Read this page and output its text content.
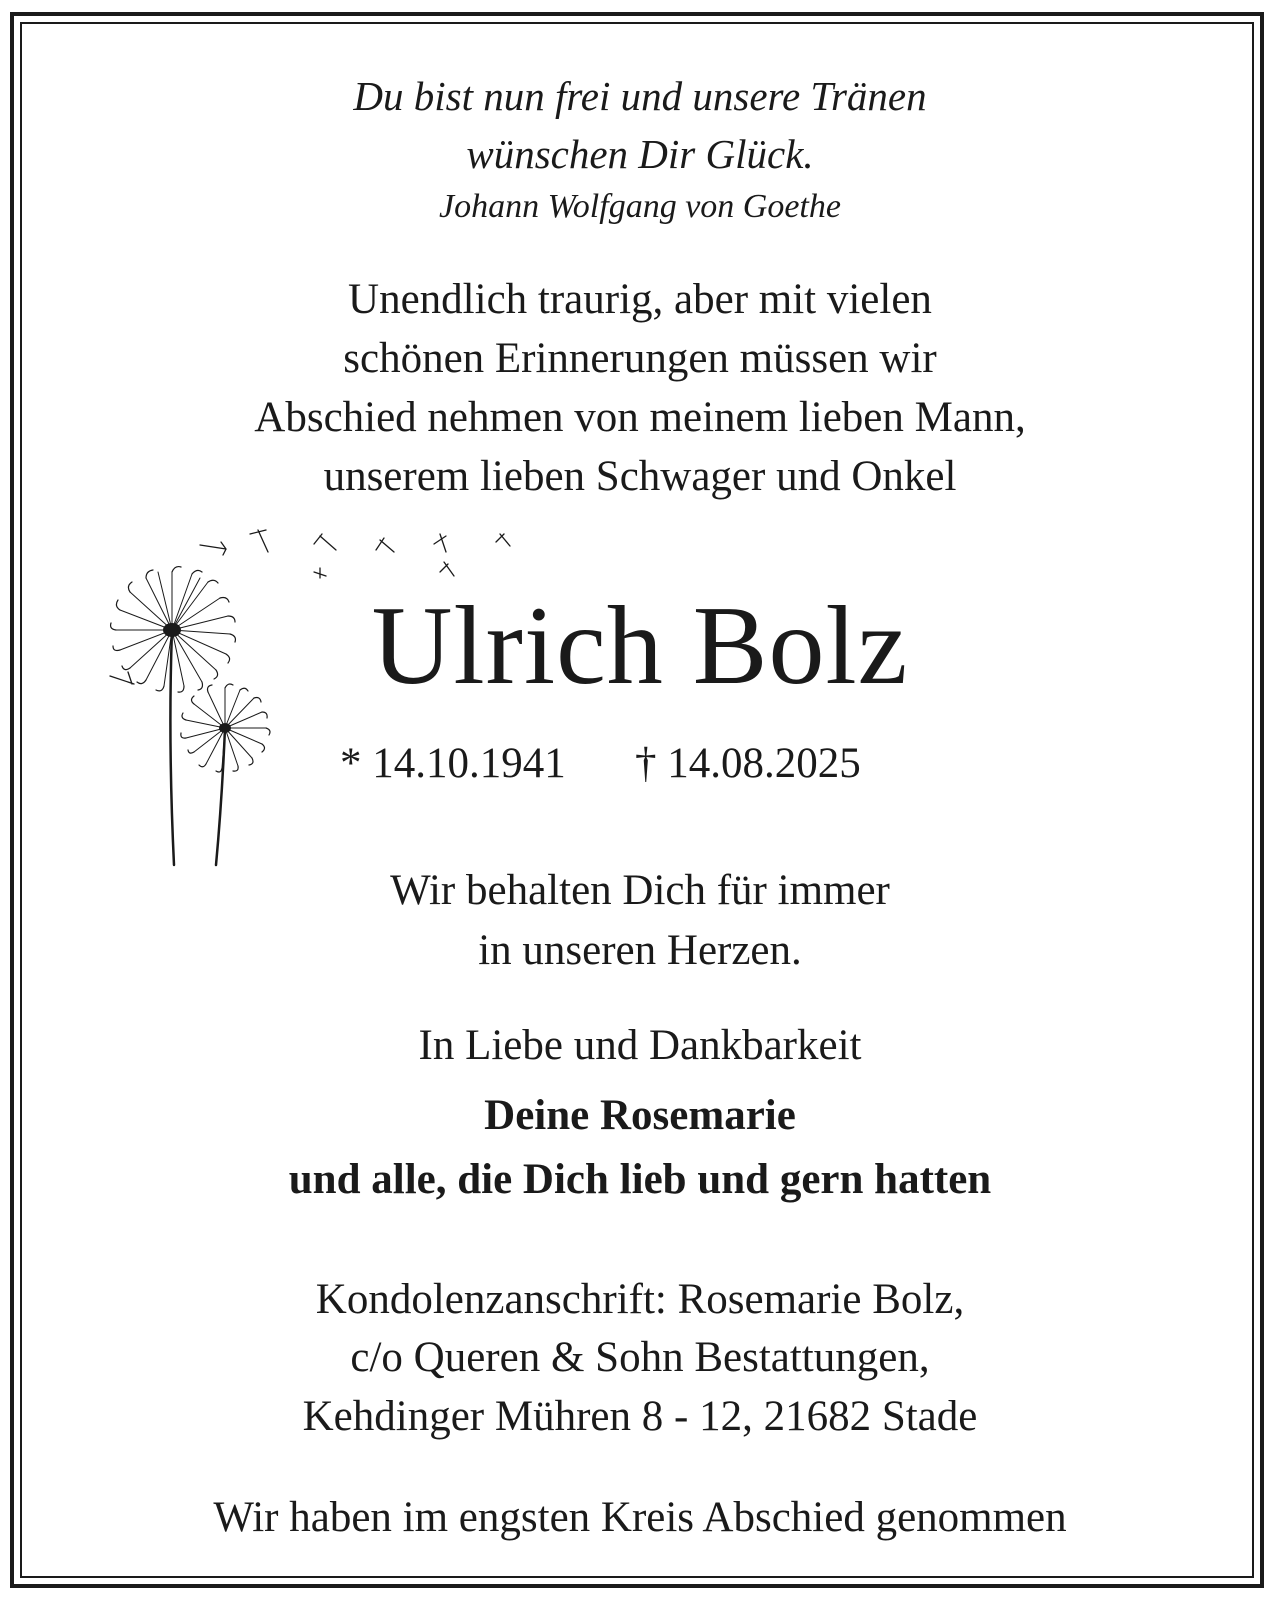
Du bist nun frei und unsere Tränen
wünschen Dir Glück.
Johann Wolfgang von Goethe
Unendlich traurig, aber mit vielen
schönen Erinnerungen müssen wir
Abschied nehmen von meinem lieben Mann,
unserem lieben Schwager und Onkel
Ulrich Bolz
* 14.10.1941	† 14.08.2025
Wir behalten Dich für immer
in unseren Herzen.
In Liebe und Dankbarkeit
Deine Rosemarie
und alle, die Dich lieb und gern hatten
Kondolenzanschrift: Rosemarie Bolz,
c/o Queren & Sohn Bestattungen,
Kehdinger Mühren 8 - 12, 21682 Stade
Wir haben im engsten Kreis Abschied genommen
